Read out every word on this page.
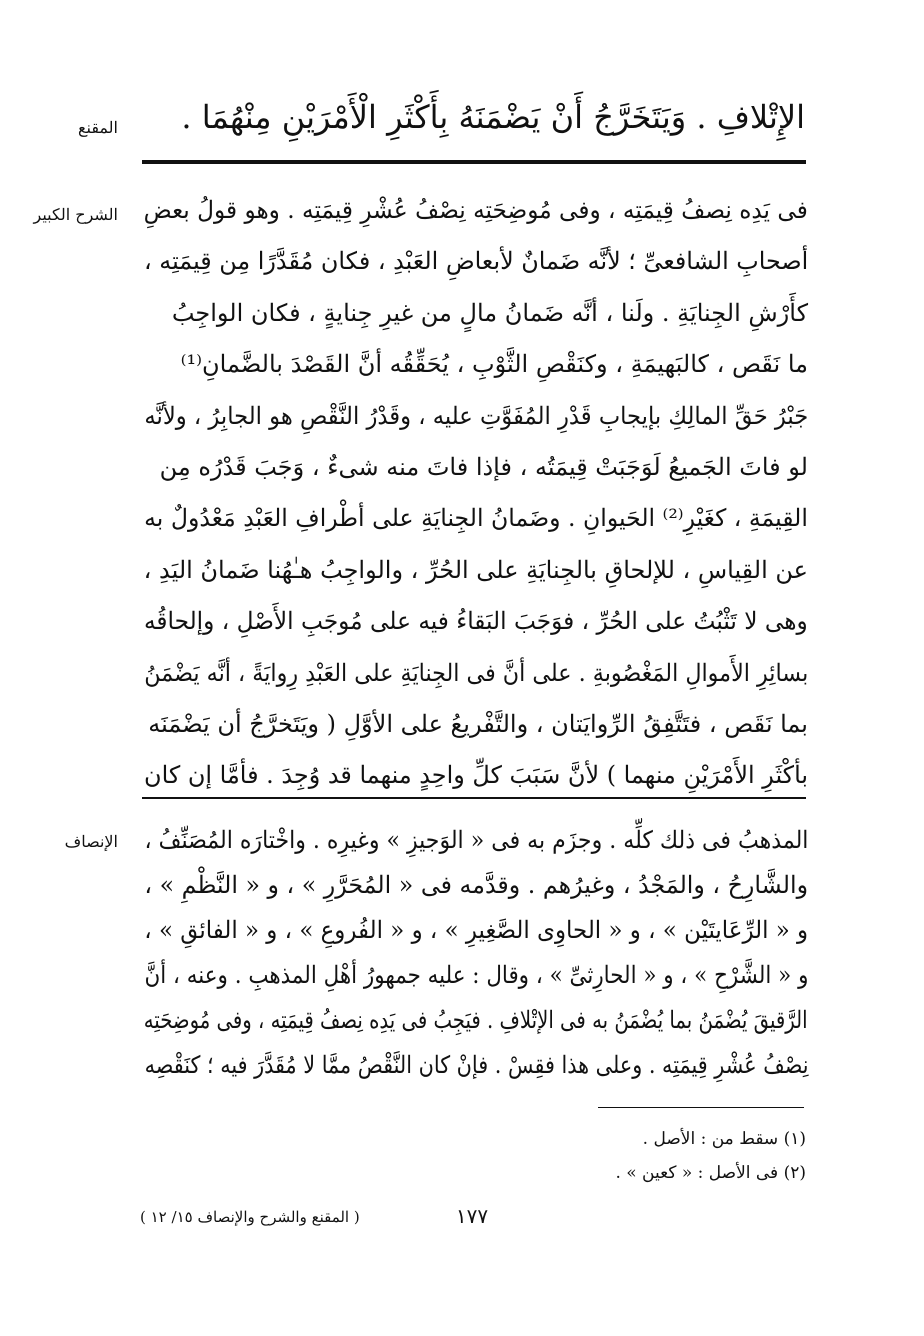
المقنع	الإِتْلافِ . وَيَتَخَرَّجُ أَنْ يَضْمَنَهُ بِأَكْثَرِ الْأَمْرَيْنِ مِنْهُمَا .
الشرح الكبير فى يَدِه نِصفُ قِيمَتِه ، وفى مُوضِحَتِه نِصْفُ عُشْرِ قِيمَتِه . وهو قولُ بعضِ
أصحابِ الشافعىِّ ؛ لأنَّه ضَمانٌ لأبعاضِ العَبْدِ ، فكان مُقَدَّرًا مِن قِيمَتِه ،
كأَرْشِ الجِنايَةِ . ولَنا ، أنَّه ضَمانُ مالٍ من غيرِ جِنايةٍ ، فكان الواجِبُ
ما نَقَص ، كالبَهيمَةِ ، وكنَقْصِ الثَّوْبِ ، يُحَقِّقُه أنَّ القَصْدَ بالضَّمانِ⁽¹⁾
جَبْرُ حَقِّ المالِكِ بإيجابِ قَدْرِ المُفَوَّتِ عليه ، وقَدْرُ النَّقْصِ هو الجابِرُ ، ولأنَّه
لو فاتَ الجَميعُ لَوَجَبَتْ قِيمَتُه ، فإذا فاتَ منه شىءٌ ، وَجَبَ قَدْرُه مِن
القِيمَةِ ، كغَيْرِ⁽²⁾ الحَيوانِ . وضَمانُ الجِنايَةِ على أطْرافِ العَبْدِ مَعْدُولٌ به
عن القِياسِ ، للإلحاقِ بالجِنايَةِ على الحُرِّ ، والواجِبُ هـٰهُنا ضَمانُ اليَدِ ،
وهى لا تَثْبُتُ على الحُرِّ ، فوَجَبَ البَقاءُ فيه على مُوجَبِ الأَصْلِ ، وإلحاقُه
بسائِرِ الأَموالِ المَغْصُوبةِ . على أنَّ فى الجِنايَةِ على العَبْدِ رِوايَةً ، أنَّه يَضْمَنُ
بما نَقَص ، فتَتَّفِقُ الرِّوايَتان ، والتَّفْريعُ على الأوَّلِ ( ويَتَخرَّجُ أن يَضْمَنَه
بأكْثَرِ الأَمْرَيْنِ منهما ) لأنَّ سَبَبَ كلِّ واحِدٍ منهما قد وُجِدَ . فأمَّا إن كان
الإنصاف المذهبُ فى ذلك كلِّه . وجزَم به فى « الوَجيزِ » وغيرِه . واخْتارَه المُصَنِّفُ ،
والشَّارِحُ ، والمَجْدُ ، وغيرُهم . وقدَّمه فى « المُحَرَّرِ » ، و « النَّظْمِ » ،
و « الرِّعَايتَيْن » ، و « الحاوِى الصَّغِيرِ » ، و « الفُروعِ » ، و « الفائقِ » ،
و « الشَّرْحِ » ، و « الحارِثىِّ » ، وقال : عليه جمهورُ أهْلِ المذهبِ . وعنه ، أنَّ
الرَّقيقَ يُضْمَنُ بما يُضْمَنُ به فى الإتْلافِ . فيَجِبُ فى يَدِه نِصفُ قِيمَتِه ، وفى مُوضِحَتِه
نِصْفُ عُشْرِ قِيمَتِه . وعلى هذا فقِسْ . فإنْ كان النَّقْصُ ممَّا لا مُقَدَّرَ فيه ؛ كنَقْصِه
(١) سقط من : الأصل .
(٢) فى الأصل : « كعين » .
١٧٧
( المقنع والشرح والإنصاف ١٥/ ١٢ )
